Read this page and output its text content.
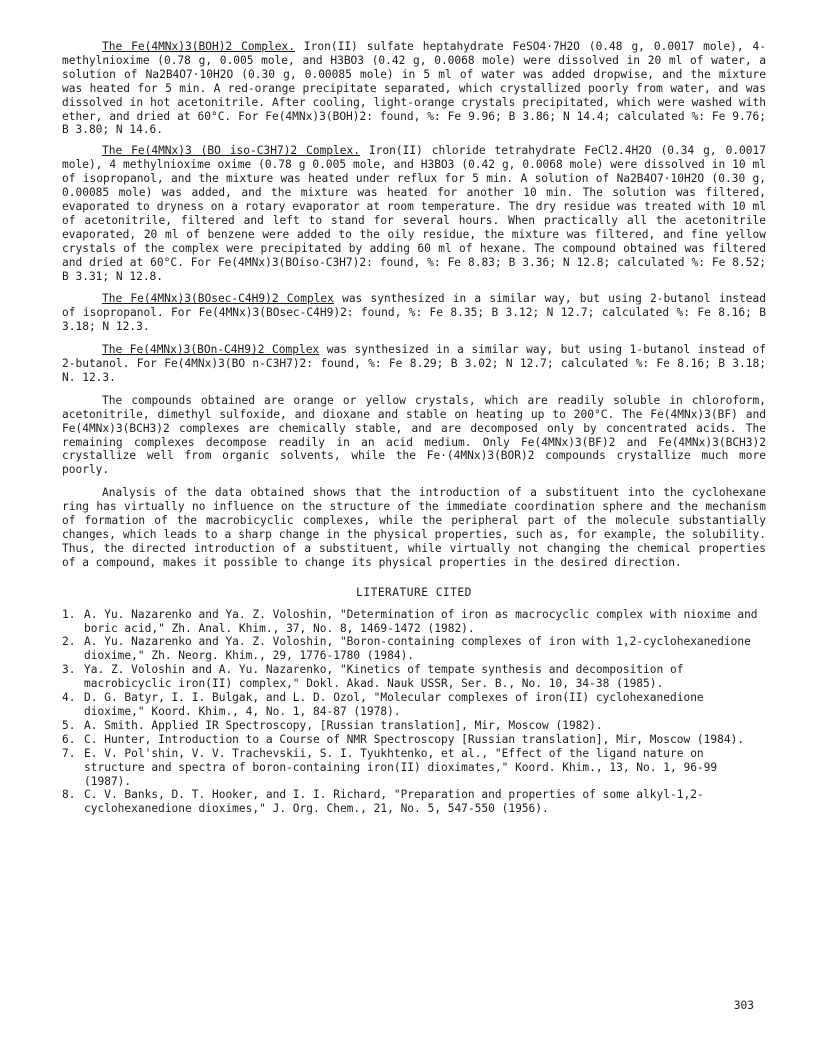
The Fe(4MNx)3(BOH)2 Complex. Iron(II) sulfate heptahydrate FeSO4·7H2O (0.48 g, 0.0017 mole), 4-methylnioxime (0.78 g, 0.005 mole, and H3BO3 (0.42 g, 0.0068 mole) were dissolved in 20 ml of water, a solution of Na2B4O7·10H2O (0.30 g, 0.00085 mole) in 5 ml of water was added dropwise, and the mixture was heated for 5 min. A red-orange precipitate separated, which crystallized poorly from water, and was dissolved in hot acetonitrile. After cooling, light-orange crystals precipitated, which were washed with ether, and dried at 60°C. For Fe(4MNx)3(BOH)2: found, %: Fe 9.96; B 3.86; N 14.4; calculated %: Fe 9.76; B 3.80; N 14.6.

The Fe(4MNx)3 (BO iso-C3H7)2 Complex. Iron(II) chloride tetrahydrate FeCl2.4H2O (0.34 g, 0.0017 mole), 4 methylnioxime oxime (0.78 g 0.005 mole, and H3BO3 (0.42 g, 0.0068 mole) were dissolved in 10 ml of isopropanol, and the mixture was heated under reflux for 5 min. A solution of Na2B4O7·10H2O (0.30 g, 0.00085 mole) was added, and the mixture was heated for another 10 min. The solution was filtered, evaporated to dryness on a rotary evaporator at room temperature. The dry residue was treated with 10 ml of acetonitrile, filtered and left to stand for several hours. When practically all the acetonitrile evaporated, 20 ml of benzene were added to the oily residue, the mixture was filtered, and fine yellow crystals of the complex were precipitated by adding 60 ml of hexane. The compound obtained was filtered and dried at 60°C. For Fe(4MNx)3(BOiso-C3H7)2: found, %: Fe 8.83; B 3.36; N 12.8; calculated %: Fe 8.52; B 3.31; N 12.8.

The Fe(4MNx)3(BOsec-C4H9)2 Complex was synthesized in a similar way, but using 2-butanol instead of isopropanol. For Fe(4MNx)3(BOsec-C4H9)2: found, %: Fe 8.35; B 3.12; N 12.7; calculated %: Fe 8.16; B 3.18; N 12.3.

The Fe(4MNx)3(BOn-C4H9)2 Complex was synthesized in a similar way, but using 1-butanol instead of 2-butanol. For Fe(4MNx)3(BO n-C3H7)2: found, %: Fe 8.29; B 3.02; N 12.7; calculated %: Fe 8.16; B 3.18; N. 12.3.

The compounds obtained are orange or yellow crystals, which are readily soluble in chloroform, acetonitrile, dimethyl sulfoxide, and dioxane and stable on heating up to 200°C. The Fe(4MNx)3(BF) and Fe(4MNx)3(BCH3)2 complexes are chemically stable, and are decomposed only by concentrated acids. The remaining complexes decompose readily in an acid medium. Only Fe(4MNx)3(BF)2 and Fe(4MNx)3(BCH3)2 crystallize well from organic solvents, while the Fe·(4MNx)3(BOR)2 compounds crystallize much more poorly.

Analysis of the data obtained shows that the introduction of a substituent into the cyclohexane ring has virtually no influence on the structure of the immediate coordination sphere and the mechanism of formation of the macrobicyclic complexes, while the peripheral part of the molecule substantially changes, which leads to a sharp change in the physical properties, such as, for example, the solubility. Thus, the directed introduction of a substituent, while virtually not changing the chemical properties of a compound, makes it possible to change its physical properties in the desired direction.

LITERATURE CITED
1. A. Yu. Nazarenko and Ya. Z. Voloshin, "Determination of iron as macrocyclic complex with nioxime and boric acid," Zh. Anal. Khim., 37, No. 8, 1469-1472 (1982).
2. A. Yu. Nazarenko and Ya. Z. Voloshin, "Boron-containing complexes of iron with 1,2-cyclohexanedione dioxime," Zh. Neorg. Khim., 29, 1776-1780 (1984).
3. Ya. Z. Voloshin and A. Yu. Nazarenko, "Kinetics of tempate synthesis and decomposition of macrobicyclic iron(II) complex," Dokl. Akad. Nauk USSR, Ser. B., No. 10, 34-38 (1985).
4. D. G. Batyr, I. I. Bulgak, and L. D. Ozol, "Molecular complexes of iron(II) cyclohexanedione dioxime," Koord. Khim., 4, No. 1, 84-87 (1978).
5. A. Smith. Applied IR Spectroscopy, [Russian translation], Mir, Moscow (1982).
6. C. Hunter, Introduction to a Course of NMR Spectroscopy [Russian translation], Mir, Moscow (1984).
7. E. V. Pol'shin, V. V. Trachevskii, S. I. Tyukhtenko, et al., "Effect of the ligand nature on structure and spectra of boron-containing iron(II) dioximates," Koord. Khim., 13, No. 1, 96-99 (1987).
8. C. V. Banks, D. T. Hooker, and I. I. Richard, "Preparation and properties of some alkyl-1,2-cyclohexanedione dioximes," J. Org. Chem., 21, No. 5, 547-550 (1956).
303
